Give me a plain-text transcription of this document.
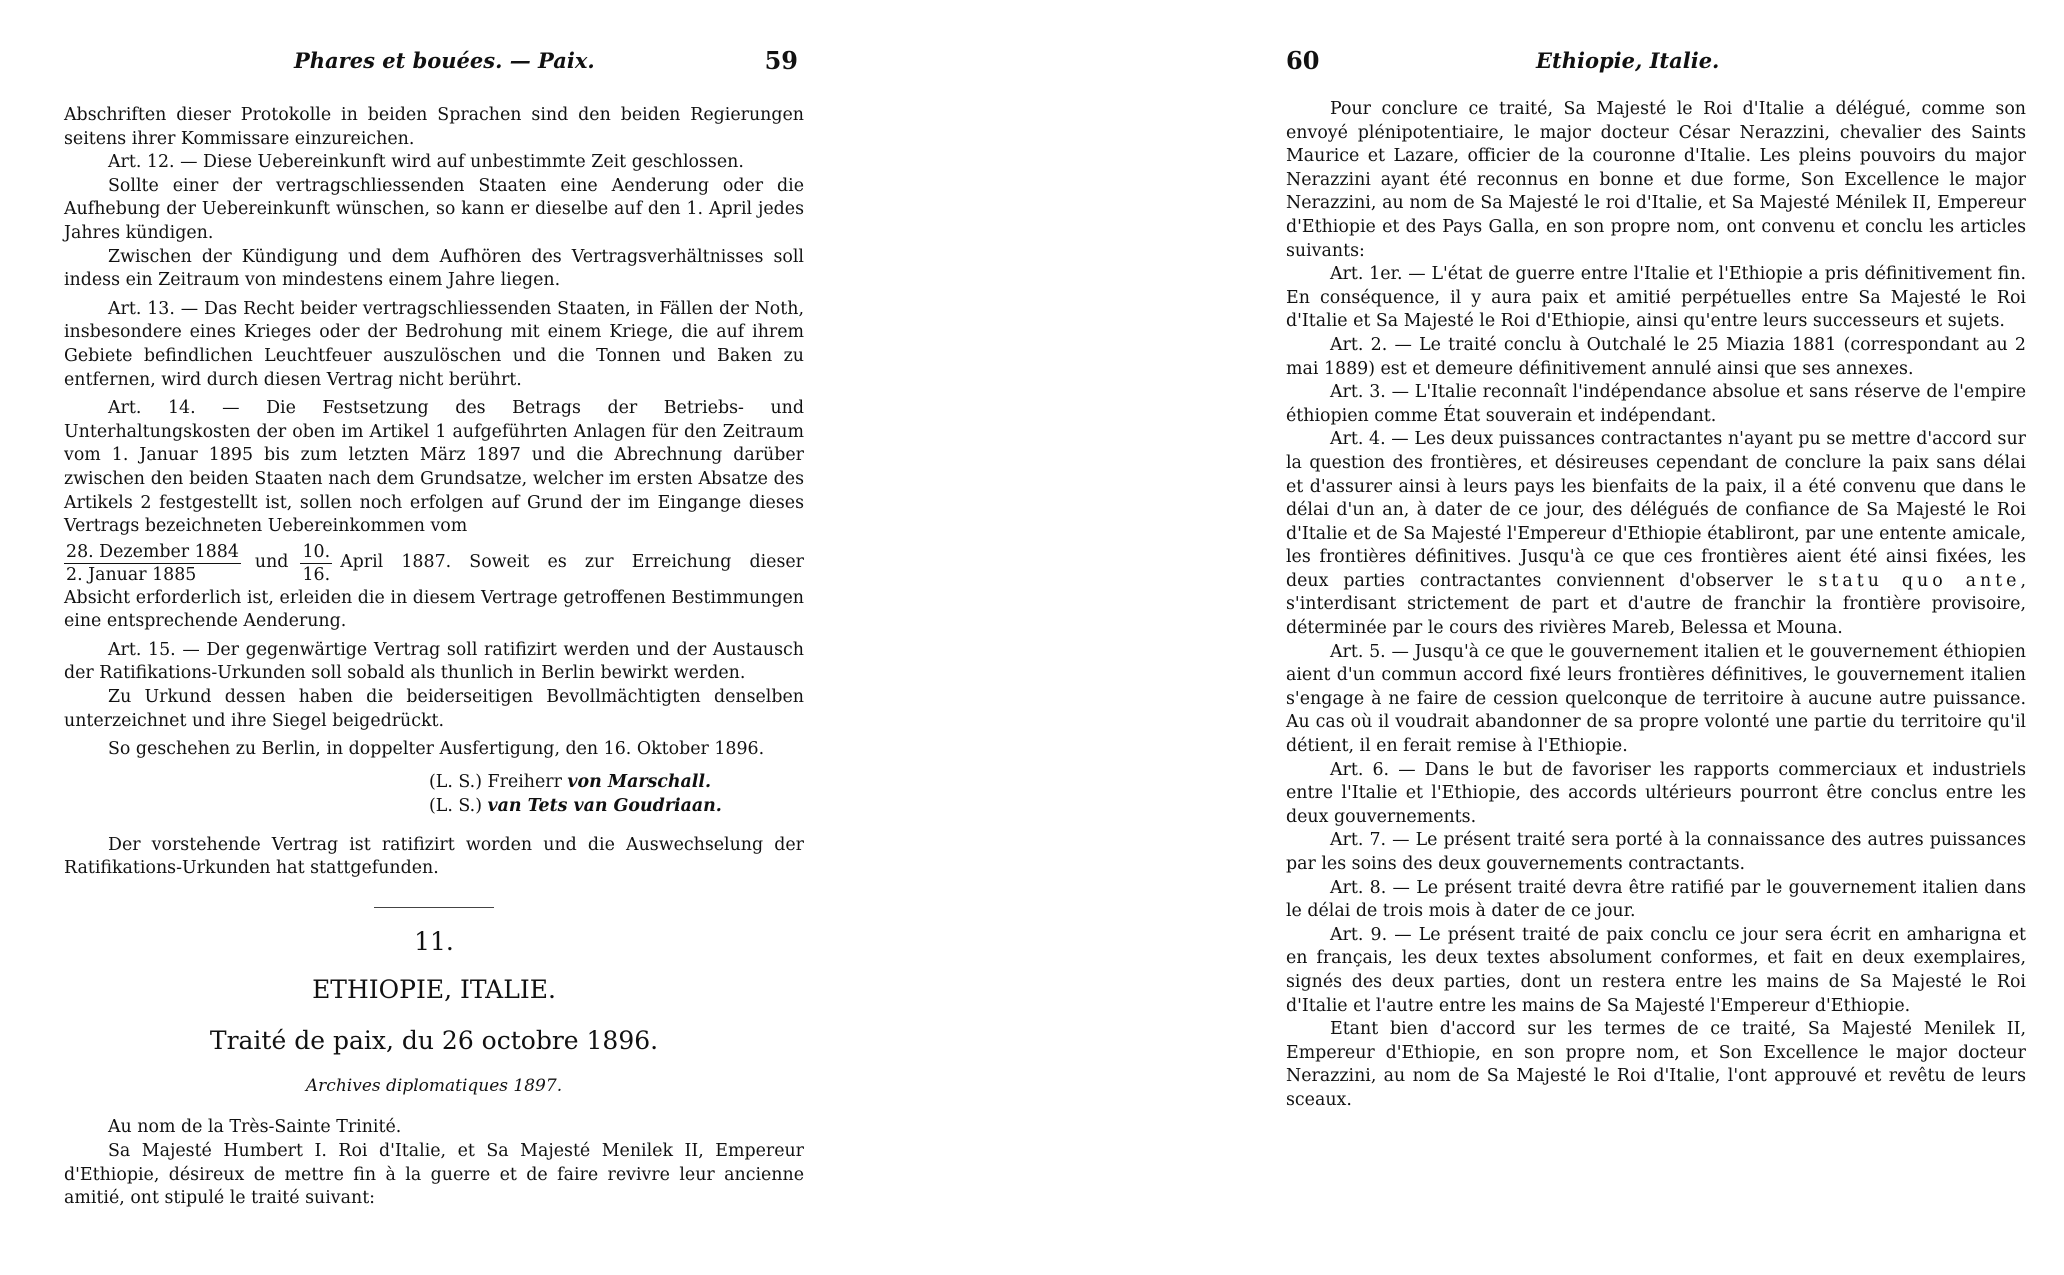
Phares et bouées. — Paix.	59

Abschriften dieser Protokolle in beiden Sprachen sind den beiden Regierungen seitens ihrer Kommissare einzureichen.

Art. 12. — Diese Uebereinkunft wird auf unbestimmte Zeit geschlossen.

Sollte einer der vertragschliessenden Staaten eine Aenderung oder die Aufhebung der Uebereinkunft wünschen, so kann er dieselbe auf den 1. April jedes Jahres kündigen.

Zwischen der Kündigung und dem Aufhören des Vertragsverhältnisses soll indess ein Zeitraum von mindestens einem Jahre liegen.

Art. 13. — Das Recht beider vertragschliessenden Staaten, in Fällen der Noth, insbesondere eines Krieges oder der Bedrohung mit einem Kriege, die auf ihrem Gebiete befindlichen Leuchtfeuer auszulöschen und die Tonnen und Baken zu entfernen, wird durch diesen Vertrag nicht berührt.

Art. 14. — Die Festsetzung des Betrags der Betriebs- und Unterhaltungskosten der oben im Artikel 1 aufgeführten Anlagen für den Zeitraum vom 1. Januar 1895 bis zum letzten März 1897 und die Abrechnung darüber zwischen den beiden Staaten nach dem Grundsatze, welcher im ersten Absatze des Artikels 2 festgestellt ist, sollen noch erfolgen auf Grund der im Eingange dieses Vertrags bezeichneten Uebereinkommen vom

$\frac{\text{28. Dezember 1884}}{\text{2. Januar 1885}}$ und $\frac{10.}{16.}$ April 1887. Soweit es zur Erreichung dieser

Absicht erforderlich ist, erleiden die in diesem Vertrage getroffenen Bestimmungen eine entsprechende Aenderung.

Art. 15. — Der gegenwärtige Vertrag soll ratifizirt werden und der Austausch der Ratifikations-Urkunden soll sobald als thunlich in Berlin bewirkt werden.

Zu Urkund dessen haben die beiderseitigen Bevollmächtigten denselben unterzeichnet und ihre Siegel beigedrückt.

So geschehen zu Berlin, in doppelter Ausfertigung, den 16. Oktober 1896.

(L. S.) Freiherr von Marschall.
(L. S.) van Tets van Goudriaan.

Der vorstehende Vertrag ist ratifizirt worden und die Auswechselung der Ratifikations-Urkunden hat stattgefunden.

11.
ETHIOPIE, ITALIE.
Traité de paix, du 26 octobre 1896.
Archives diplomatiques 1897.

Au nom de la Très-Sainte Trinité.

Sa Majesté Humbert I. Roi d'Italie, et Sa Majesté Menilek II, Empereur d'Ethiopie, désireux de mettre fin à la guerre et de faire revivre leur ancienne amitié, ont stipulé le traité suivant:

60	Ethiopie, Italie.

Pour conclure ce traité, Sa Majesté le Roi d'Italie a délégué, comme son envoyé plénipotentiaire, le major docteur César Nerazzini, chevalier des Saints Maurice et Lazare, officier de la couronne d'Italie. Les pleins pouvoirs du major Nerazzini ayant été reconnus en bonne et due forme, Son Excellence le major Nerazzini, au nom de Sa Majesté le roi d'Italie, et Sa Majesté Ménilek II, Empereur d'Ethiopie et des Pays Galla, en son propre nom, ont convenu et conclu les articles suivants:

Art. 1er. — L'état de guerre entre l'Italie et l'Ethiopie a pris définitivement fin. En conséquence, il y aura paix et amitié perpétuelles entre Sa Majesté le Roi d'Italie et Sa Majesté le Roi d'Ethiopie, ainsi qu'entre leurs successeurs et sujets.

Art. 2. — Le traité conclu à Outchalé le 25 Miazia 1881 (correspondant au 2 mai 1889) est et demeure définitivement annulé ainsi que ses annexes.

Art. 3. — L'Italie reconnaît l'indépendance absolue et sans réserve de l'empire éthiopien comme État souverain et indépendant.

Art. 4. — Les deux puissances contractantes n'ayant pu se mettre d'accord sur la question des frontières, et désireuses cependant de conclure la paix sans délai et d'assurer ainsi à leurs pays les bienfaits de la paix, il a été convenu que dans le délai d'un an, à dater de ce jour, des délégués de confiance de Sa Majesté le Roi d'Italie et de Sa Majesté l'Empereur d'Ethiopie établiront, par une entente amicale, les frontières définitives. Jusqu'à ce que ces frontières aient été ainsi fixées, les deux parties contractantes conviennent d'observer le statu quo ante, s'interdisant strictement de part et d'autre de franchir la frontière provisoire, déterminée par le cours des rivières Mareb, Belessa et Mouna.

Art. 5. — Jusqu'à ce que le gouvernement italien et le gouvernement éthiopien aient d'un commun accord fixé leurs frontières définitives, le gouvernement italien s'engage à ne faire de cession quelconque de territoire à aucune autre puissance. Au cas où il voudrait abandonner de sa propre volonté une partie du territoire qu'il détient, il en ferait remise à l'Ethiopie.

Art. 6. — Dans le but de favoriser les rapports commerciaux et industriels entre l'Italie et l'Ethiopie, des accords ultérieurs pourront être conclus entre les deux gouvernements.

Art. 7. — Le présent traité sera porté à la connaissance des autres puissances par les soins des deux gouvernements contractants.

Art. 8. — Le présent traité devra être ratifié par le gouvernement italien dans le délai de trois mois à dater de ce jour.

Art. 9. — Le présent traité de paix conclu ce jour sera écrit en amharigna et en français, les deux textes absolument conformes, et fait en deux exemplaires, signés des deux parties, dont un restera entre les mains de Sa Majesté le Roi d'Italie et l'autre entre les mains de Sa Majesté l'Empereur d'Ethiopie.

Etant bien d'accord sur les termes de ce traité, Sa Majesté Menilek II, Empereur d'Ethiopie, en son propre nom, et Son Excellence le major docteur Nerazzini, au nom de Sa Majesté le Roi d'Italie, l'ont approuvé et revêtu de leurs sceaux.
